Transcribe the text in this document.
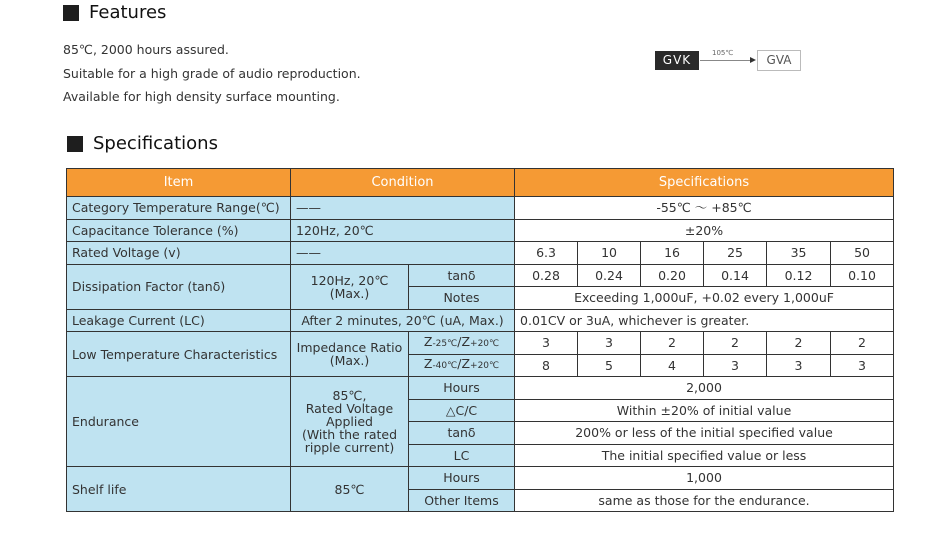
Features
85℃, 2000 hours assured.
Suitable for a high grade of audio reproduction.
Available for high density surface mounting.
GVK	105℃	GVA
Specifications
Item	Condition		Specifications					
Category Temperature Range(℃)	——		-55℃ ～ +85℃					
Capacitance Tolerance (%)	120Hz, 20℃		±20%					
Rated Voltage (v)	——		6.3	10	16	25	35	50
Dissipation Factor (tanδ)	120Hz, 20℃ (Max.)	tanδ	0.28	0.24	0.20	0.14	0.12	0.10
		Notes	Exceeding 1,000uF, +0.02 every 1,000uF					
Leakage Current (LC)	After 2 minutes, 20℃ (uA, Max.)		0.01CV or 3uA, whichever is greater.					
Low Temperature Characteristics	Impedance Ratio (Max.)	Z-25℃/Z+20℃	3	3	2	2	2	2
		Z-40℃/Z+20℃	8	5	4	3	3	3
Endurance	85℃,
Rated Voltage
Applied
(With the rated
ripple current)	Hours	2,000					
		△C/C	Within ±20% of initial value					
		tanδ	200% or less of the initial specified value					
		LC	The initial specified value or less					
Shelf life	85℃	Hours	1,000					
		Other Items	same as those for the endurance.					
